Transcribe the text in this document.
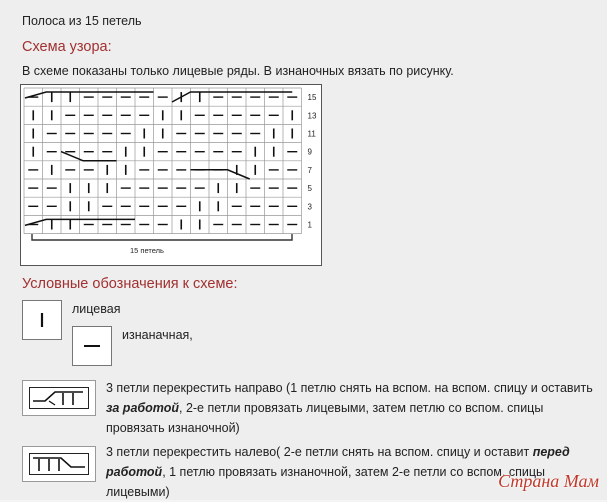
Полоса из 15 петель
Схема узора:
В схеме показаны только лицевые ряды. В изнаночных вязать по рисунку.
15
13
11
9
7
5
3
1
15 петель
Условные обозначения к схеме:
лицевая
изнаначная,
3 петли перекрестить направо (1 петлю снять на вспом. на вспом. спицу и оставить за работой, 2-е петли провязать лицевыми, затем петлю со вспом. спицы провязать изнаночной)
3 петли перекрестить налево( 2-е петли снять на вспом. спицу и оставит перед работой, 1 петлю провязать изнаночной, затем 2-е петли со вспом. спицы лицевыми)
Страна Мам
